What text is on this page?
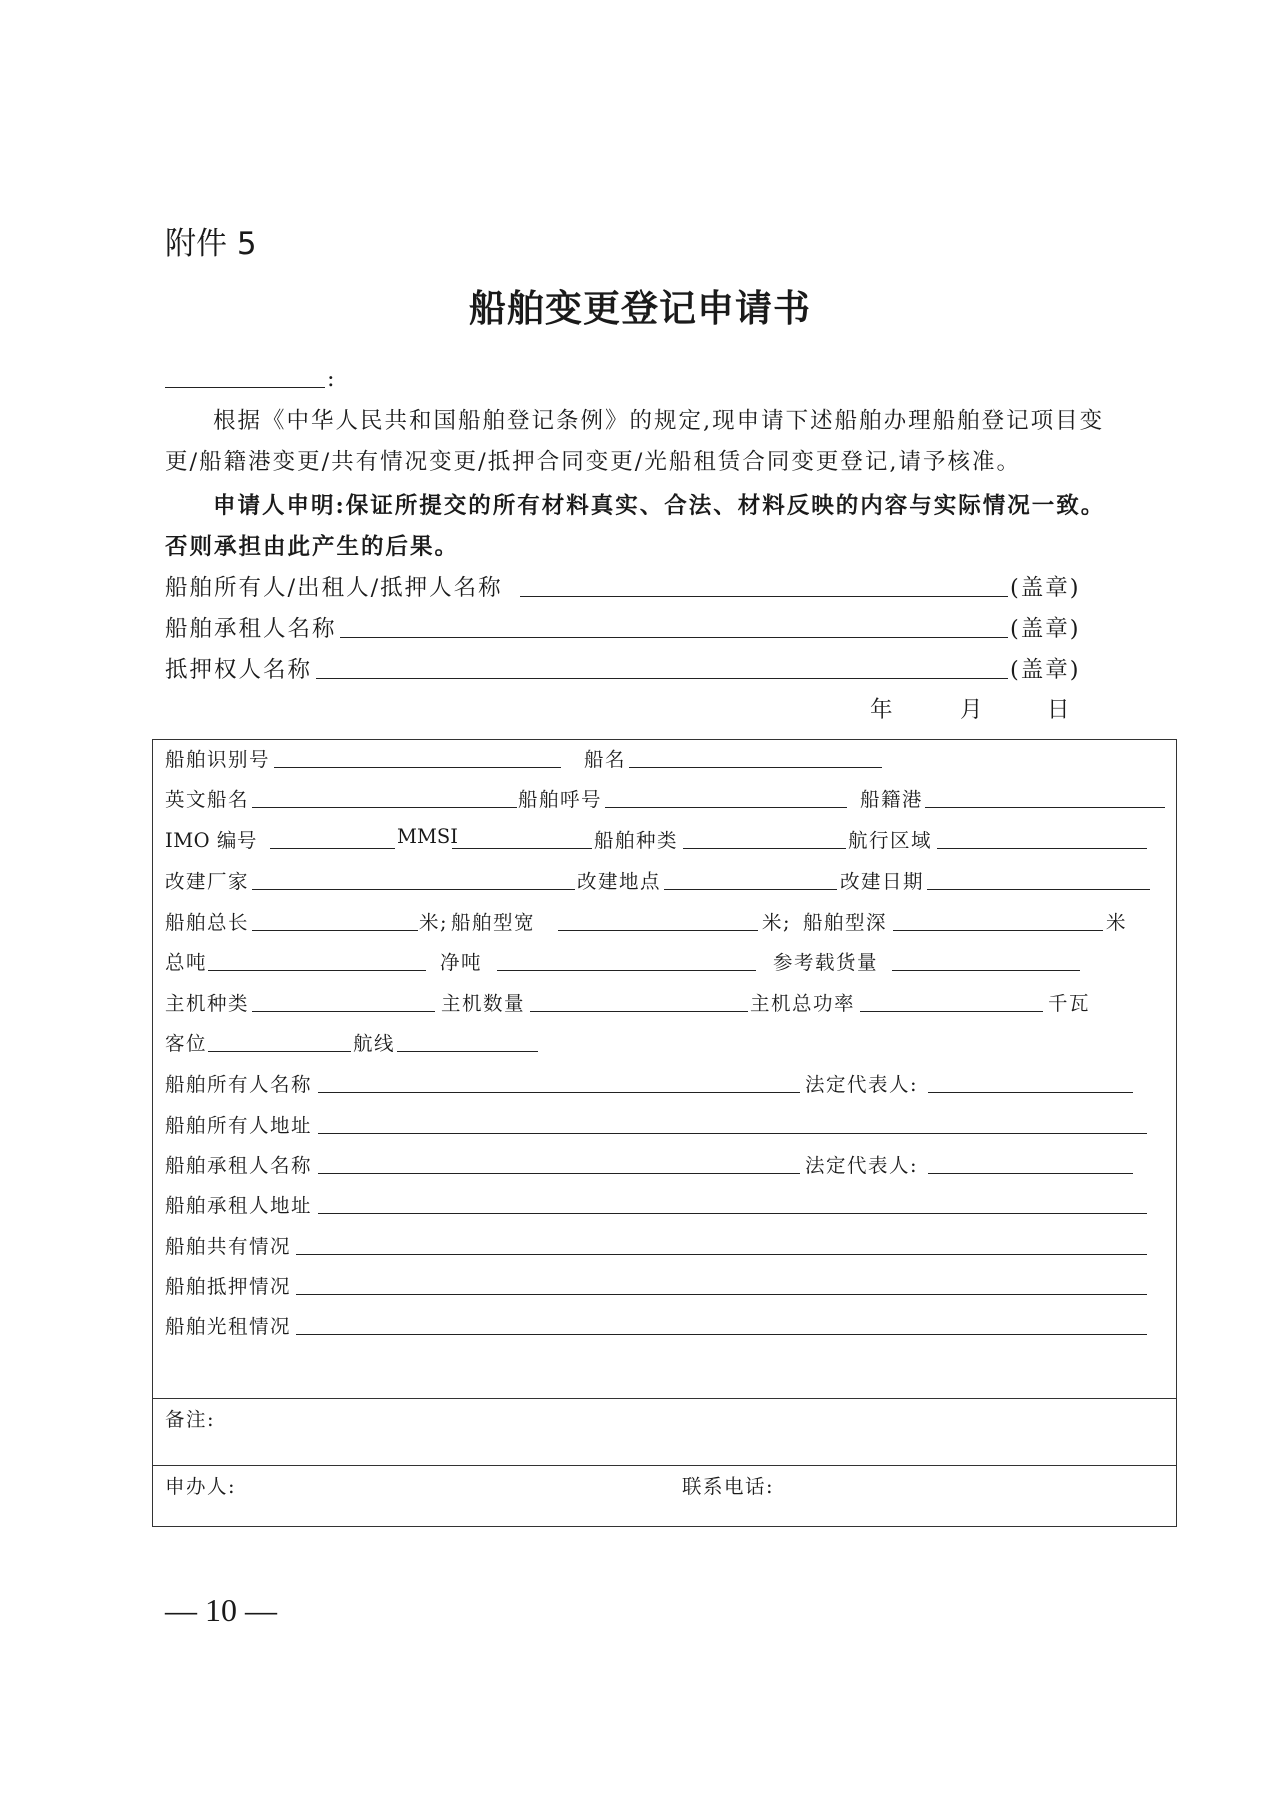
附件 5
船舶变更登记申请书
:
根据《中华人民共和国船舶登记条例》的规定,现申请下述船舶办理船舶登记项目变
更/船籍港变更/共有情况变更/抵押合同变更/光船租赁合同变更登记,请予核准。
申请人申明:保证所提交的所有材料真实、合法、材料反映的内容与实际情况一致。
否则承担由此产生的后果。
船舶所有人/出租人/抵押人名称	(盖章)
船舶承租人名称	(盖章)
抵押权人名称	(盖章)
年	月	日
船舶识别号	船名
英文船名	船舶呼号	船籍港
IMO 编号	MMSI	船舶种类	航行区域
改建厂家	改建地点	改建日期
船舶总长	米; 船舶型宽	米; 船舶型深	米
总吨	净吨	参考载货量
主机种类	主机数量	主机总功率	千瓦
客位	航线
船舶所有人名称	法定代表人:
船舶所有人地址
船舶承租人名称	法定代表人:
船舶承租人地址
船舶共有情况
船舶抵押情况
船舶光租情况
备注:
申办人:	联系电话:
— 10 —
